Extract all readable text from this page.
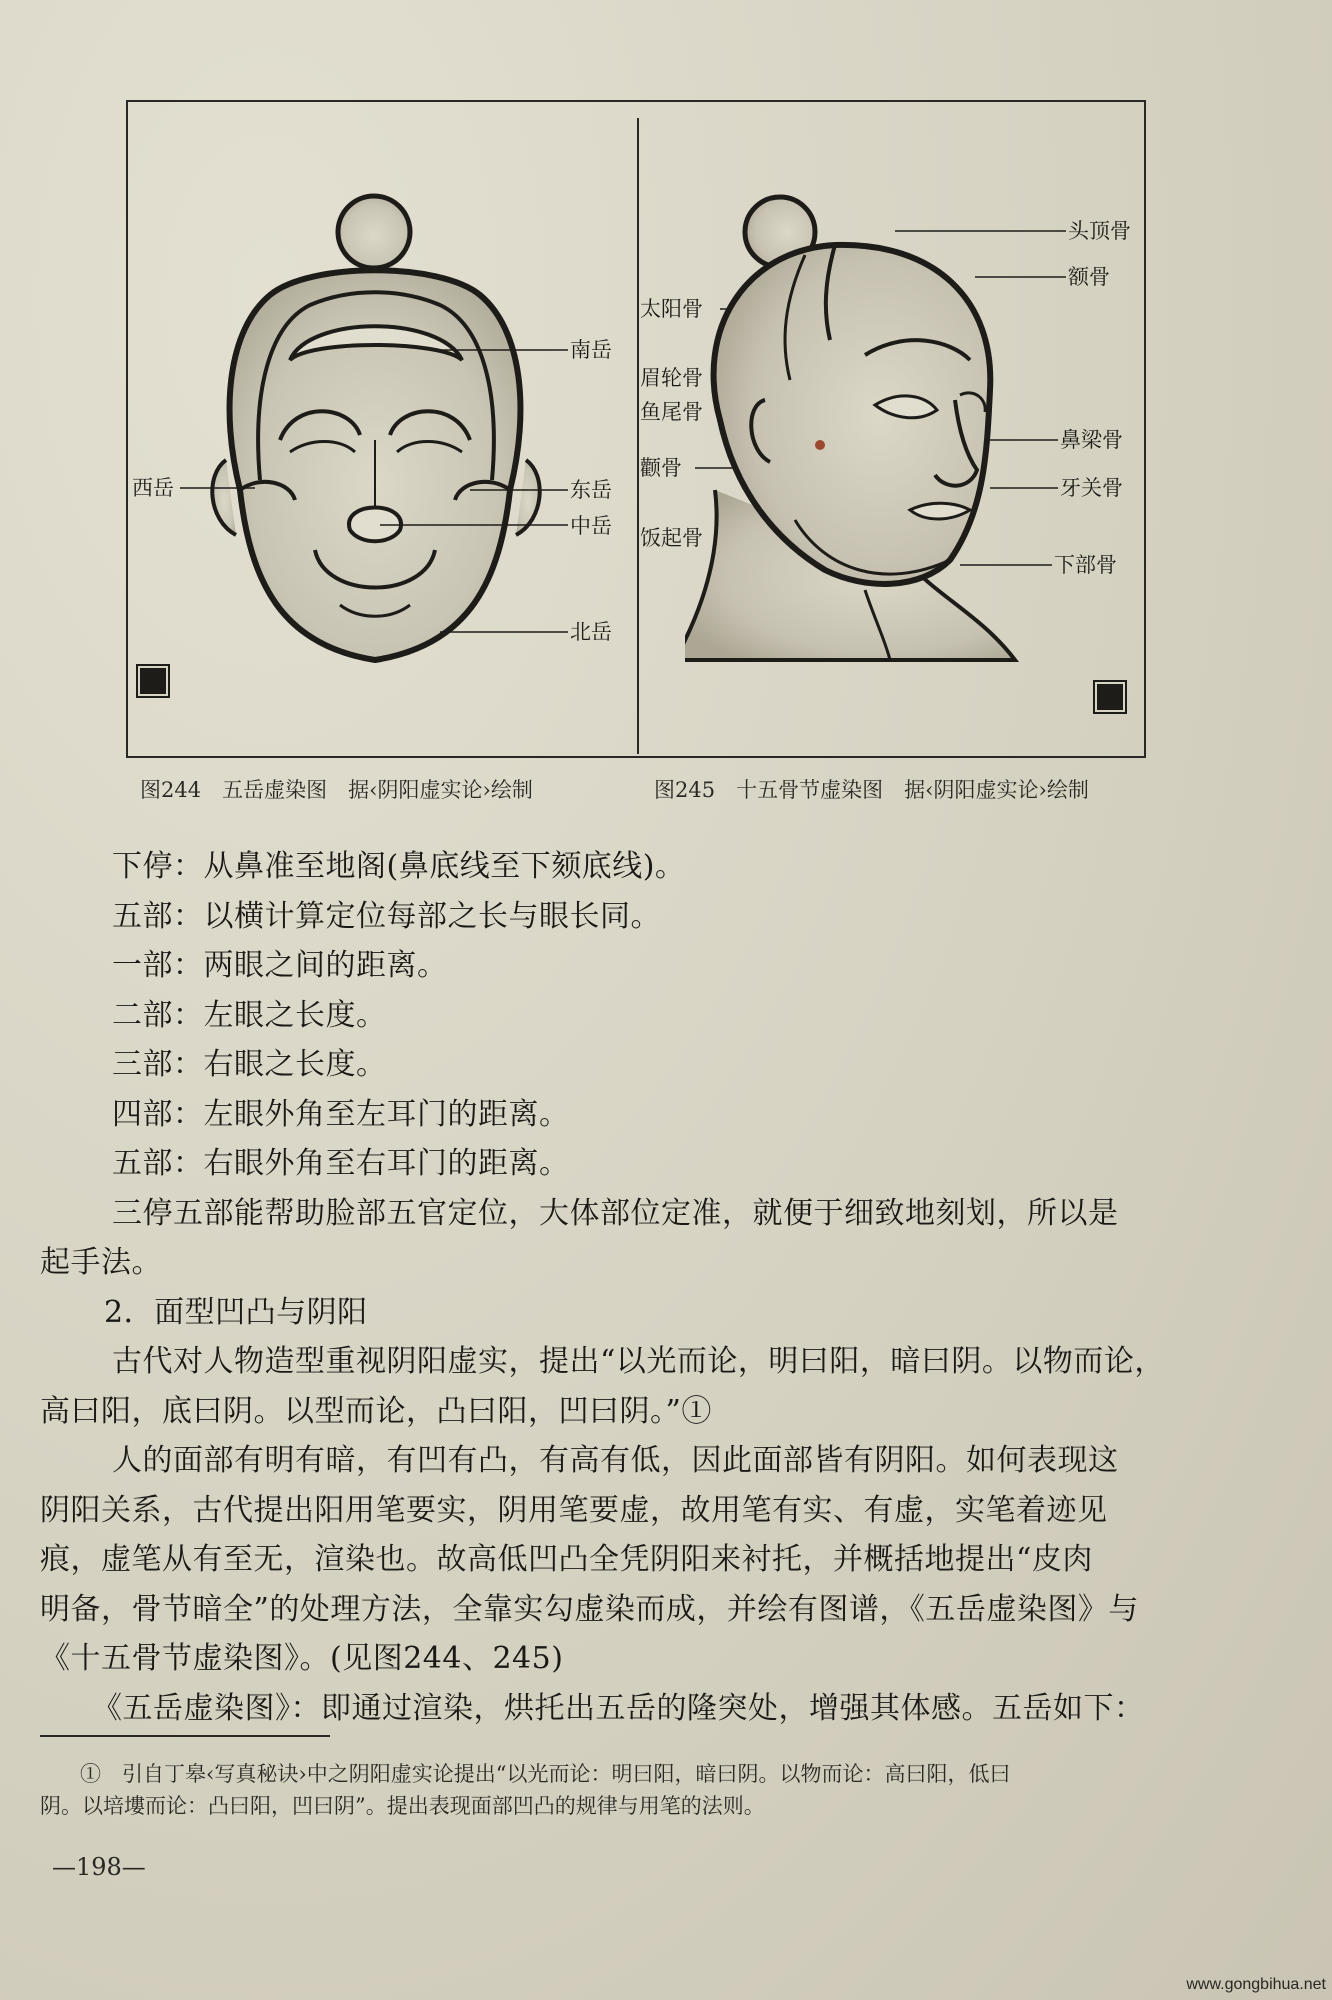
南岳
西岳	东岳
中岳
北岳
头顶骨
额骨
太阳骨
眉轮骨
鱼尾骨
颧骨
饭起骨
鼻梁骨
牙关骨
下部骨
图244　五岳虚染图　据‹阴阳虚实论›绘制	图245　十五骨节虚染图　据‹阴阳虚实论›绘制
下停：从鼻准至地阁(鼻底线至下颏底线)。
五部：以横计算定位每部之长与眼长同。
一部：两眼之间的距离。
二部：左眼之长度。
三部：右眼之长度。
四部：左眼外角至左耳门的距离。
五部：右眼外角至右耳门的距离。
三停五部能帮助脸部五官定位，大体部位定准，就便于细致地刻划，所以是
起手法。
2．面型凹凸与阴阳
古代对人物造型重视阴阳虚实，提出“以光而论，明曰阳，暗曰阴。以物而论，
高曰阳，底曰阴。以型而论，凸曰阳，凹曰阴。”①
人的面部有明有暗，有凹有凸，有高有低，因此面部皆有阴阳。如何表现这
阴阳关系，古代提出阳用笔要实，阴用笔要虚，故用笔有实、有虚，实笔着迹见
痕，虚笔从有至无，渲染也。故高低凹凸全凭阴阳来衬托，并概括地提出“皮肉
明备，骨节暗全”的处理方法，全靠实勾虚染而成，并绘有图谱，《五岳虚染图》与
《十五骨节虚染图》。(见图244、245)
《五岳虚染图》：即通过渲染，烘托出五岳的隆突处，增强其体感。五岳如下：
①　引自丁皋‹写真秘诀›中之阴阳虚实论提出“以光而论：明曰阳，暗曰阴。以物而论：高曰阳，低曰
阴。以培塿而论：凸曰阳，凹曰阴”。提出表现面部凹凸的规律与用笔的法则。
—198—
www.gongbihua.net
